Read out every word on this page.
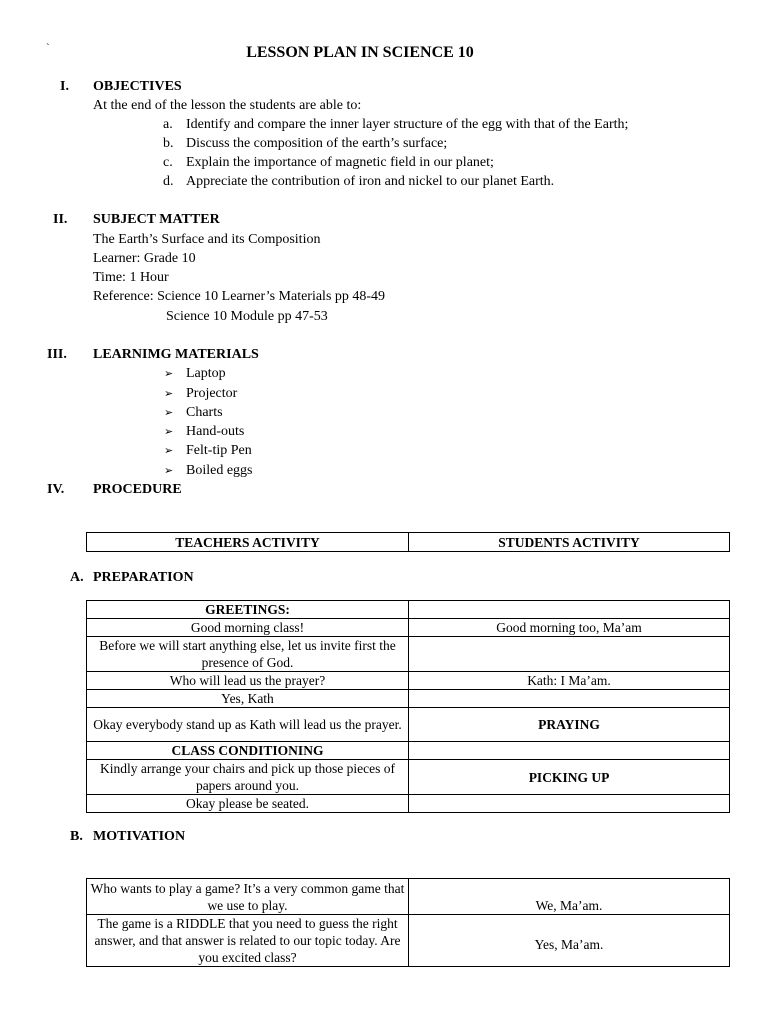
`	LESSON PLAN IN SCIENCE 10
I. OBJECTIVES
At the end of the lesson the students are able to:
a. Identify and compare the inner layer structure of the egg with that of the Earth;
b. Discuss the composition of the earth’s surface;
c. Explain the importance of magnetic field in our planet;
d. Appreciate the contribution of iron and nickel to our planet Earth.
II. SUBJECT MATTER
The Earth’s Surface and its Composition
Learner: Grade 10
Time: 1 Hour
Reference: Science 10 Learner’s Materials pp 48-49
Science 10 Module pp 47-53
III. LEARNIMG MATERIALS
➢ Laptop
➢ Projector
➢ Charts
➢ Hand-outs
➢ Felt-tip Pen
➢ Boiled eggs
IV. PROCEDURE
TEACHERS ACTIVITY	STUDENTS ACTIVITY
A. PREPARATION
GREETINGS:	
Good morning class!	Good morning too, Ma’am
Before we will start anything else, let us invite first the presence of God.	
Who will lead us the prayer?	Kath: I Ma’am.
Yes, Kath	
Okay everybody stand up as Kath will lead us the prayer.	PRAYING
CLASS CONDITIONING	
Kindly arrange your chairs and pick up those pieces of papers around you.	PICKING UP
Okay please be seated.	
B. MOTIVATION
Who wants to play a game? It’s a very common game that we use to play.	We, Ma’am.
The game is a RIDDLE that you need to guess the right answer, and that answer is related to our topic today. Are you excited class?	Yes, Ma’am.
